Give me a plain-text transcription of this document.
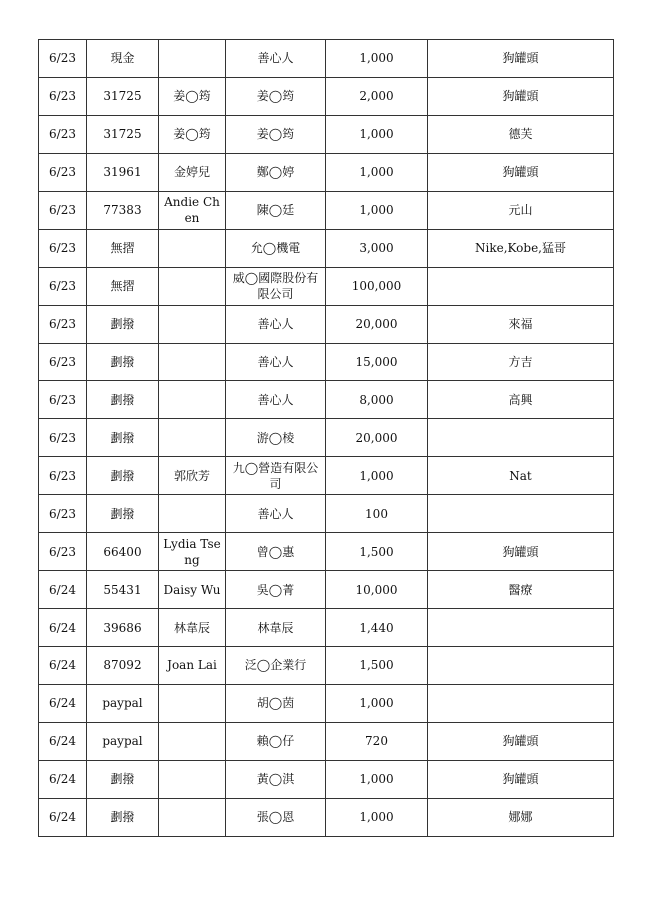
6/23	現金		善心人	1,000	狗罐頭
6/23	31725	姜◯筠	姜◯筠	2,000	狗罐頭
6/23	31725	姜◯筠	姜◯筠	1,000	德芙
6/23	31961	金婷兒	鄭◯婷	1,000	狗罐頭
6/23	77383	Andie Chen	陳◯廷	1,000	元山
6/23	無摺		允◯機電	3,000	Nike,Kobe,猛哥
6/23	無摺		威◯國際股份有限公司	100,000	
6/23	劃撥		善心人	20,000	來福
6/23	劃撥		善心人	15,000	方吉
6/23	劃撥		善心人	8,000	高興
6/23	劃撥		游◯棱	20,000	
6/23	劃撥	郭欣芳	九◯營造有限公司	1,000	Nat
6/23	劃撥		善心人	100	
6/23	66400	Lydia Tseng	曾◯惠	1,500	狗罐頭
6/24	55431	Daisy Wu	吳◯菁	10,000	醫療
6/24	39686	林韋辰	林韋辰	1,440	
6/24	87092	Joan Lai	泛◯企業行	1,500	
6/24	paypal		胡◯茵	1,000	
6/24	paypal		賴◯仔	720	狗罐頭
6/24	劃撥		黃◯淇	1,000	狗罐頭
6/24	劃撥		張◯恩	1,000	娜娜
